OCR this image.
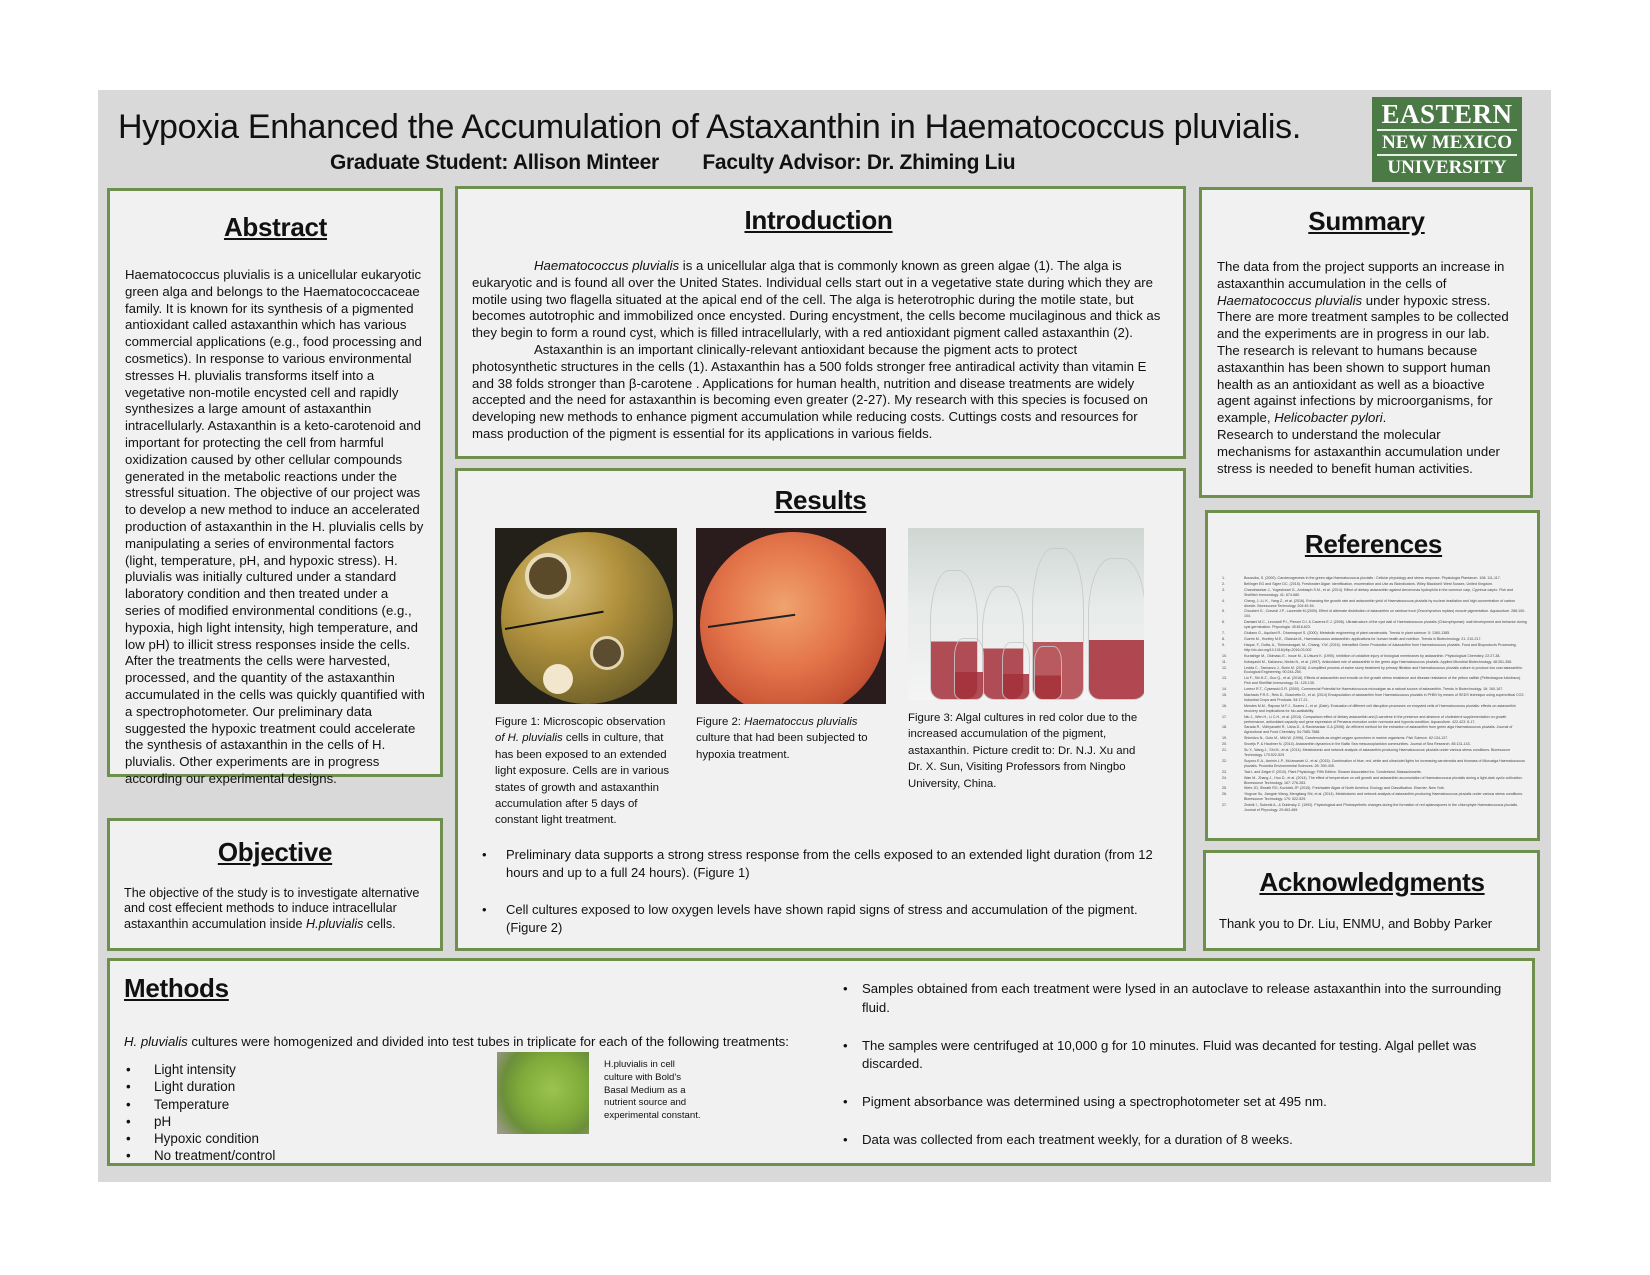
Hypoxia Enhanced the Accumulation of Astaxanthin in Haematococcus pluvialis.
Graduate Student: Allison Minteer Faculty Advisor: Dr. Zhiming Liu
EASTERN
NEW MEXICO
UNIVERSITY
Abstract
Haematococcus pluvialis is a unicellular eukaryotic green alga and belongs to the Haematococcaceae family. It is known for its synthesis of a pigmented antioxidant called astaxanthin which has various commercial applications (e.g., food processing and cosmetics). In response to various environmental stresses H. pluvialis transforms itself into a vegetative non-motile encysted cell and rapidly synthesizes a large amount of astaxanthin intracellularly. Astaxanthin is a keto-carotenoid and important for protecting the cell from harmful oxidization caused by other cellular compounds generated in the metabolic reactions under the stressful situation. The objective of our project was to develop a new method to induce an accelerated production of astaxanthin in the H. pluvialis cells by manipulating a series of environmental factors (light, temperature, pH, and hypoxic stress). H. pluvialis was initially cultured under a standard laboratory condition and then treated under a series of modified environmental conditions (e.g., hypoxia, high light intensity, high temperature, and low pH) to illicit stress responses inside the cells. After the treatments the cells were harvested, processed, and the quantity of the astaxanthin accumulated in the cells was quickly quantified with a spectrophotometer. Our preliminary data suggested the hypoxic treatment could accelerate the synthesis of astaxanthin in the cells of H. pluvialis. Other experiments are in progress according our experimental designs.
Objective
The objective of the study is to investigate alternative and cost effecient methods to induce intracellular astaxanthin accumulation inside H.pluvialis cells.
Introduction

Haematococcus pluvialis is a unicellular alga that is commonly known as green algae (1). The alga is eukaryotic and is found all over the United States. Individual cells start out in a vegetative state during which they are motile using two flagella situated at the apical end of the cell. The alga is heterotrophic during the motile state, but becomes autotrophic and immobilized once encysted. During encystment, the cells become mucilaginous and thick as they begin to form a round cyst, which is filled intracellularly, with a red antioxidant pigment called astaxanthin (2).

Astaxanthin is an important clinically-relevant antioxidant because the pigment acts to protect photosynthetic structures in the cells (1). Astaxanthin has a 500 folds stronger free antiradical activity than vitamin E and 38 folds stronger than β-carotene . Applications for human health, nutrition and disease treatments are widely accepted and the need for astaxanthin is becoming even greater (2-27). My research with this species is focused on developing new methods to enhance pigment accumulation while reducing costs. Cuttings costs and resources for mass production of the pigment is essential for its applications in various fields.

Results
Figure 1: Microscopic observation of H. pluvialis cells in culture, that has been exposed to an extended light exposure. Cells are in various states of growth and astaxanthin accumulation after 5 days of constant light treatment.
Figure 2: Haematoccus pluvialis culture that had been subjected to hypoxia treatment.
Figure 3: Algal cultures in red color due to the increased accumulation of the pigment, astaxanthin. Picture credit to: Dr. N.J. Xu and Dr. X. Sun, Visiting Professors from Ningbo University, China.
• Preliminary data supports a strong stress response from the cells exposed to an extended light duration (from 12 hours and up to a full 24 hours). (Figure 1)
• Cell cultures exposed to low oxygen levels have shown rapid signs of stress and accumulation of the pigment. (Figure 2)
Summary
The data from the project supports an increase in astaxanthin accumulation in the cells of Haematococcus pluvialis under hypoxic stress. There are more treatment samples to be collected and the experiments are in progress in our lab.
The research is relevant to humans because astaxanthin has been shown to support human health as an antioxidant as well as a bioactive agent against infections by microorganisms, for example, Helicobacter pylori.
Research to understand the molecular mechanisms for astaxanthin accumulation under stress is needed to benefit human activities.
References
1.	Boussiba, S. (2000). Carotenogenesis in the green alga Haematococcus pluvialis : Cellular physiology and stress response. Physiologia Plantarum. 108: 111-117.
2.	Bellinger EG and Sigee DC. (2015). Freshwater Algae: Identification, enumeration and Use as Bioindicators. Wiley Blackwell: West Sussex, United Kingdom.
3.	Chandrasekar J., Yogeshwari G., Ambasph S.M., et al. (2014). Effect of dietary astaxanthin against Aeromonas hydrophila in the common carp, Cyprinus carpio. Fish and Shellfish Immunology. 41: 674-680.
4.	Cheng, J.-Li, K., Yang Z., et al. (2016). Enhancing the growth rate and astaxanthin yield of Haematococcus pluvialis by nuclear irradiation and high concentration of carbon dioxide. Bioresource Technology. 204:49-54.
5.	Choubert G., Cravedi J.P., Laurentie M.(2009). Effect of alternate distribution of astaxanthin on rainbow trout (Oncorhynchus mykiss) muscle pigmentation. Aquaculture. 286:100-104.
6.	Damiani M.C., Leonardi P.I., Pieroni O.I. & Caceres E.J. (2006). Ultrastructure of the cyst wall of Haematococcus pluvialis (Chlorophyceae): wall development and behavior during cyst germination. Phycologia. 45:616-623.
7.	Giuliano G., Aquilani R., Dharmapuri S. (2000). Metabolic engineering of plant carotenoids. Trends in plant science. 5: 1360-1385.
8.	Guerin M., Huntley M.E., Olaizola M., Haematococcus astaxanthin: applications for human health and nutrition. Trends in Biotechnology. 21: 210-217.
9.	Haque, F., Dutta, A., Thimmanagari, M., Chiang, Y.W. (2016). Intensified Green Production of Astaxanthin from Haematococcus pluvialis. Food and Bioproducts Processing. http://dx.doi.org/10.1016/j.fbp.2016.03.002
10.	Kurashige M., Okimasu E., Inoue M., & Utsumi K. (1990). Inhibition of oxidative injury of biological membranes by astaxanthin. Physiological Chemistry. 22:27-38.
11.	Kobayashi M., Kakizono, Nishio N., et al. (1997). Antioxidant role of astaxanthin in the green alga Haematococcus pluvialis. Applied Microbial Biotechnology. 48:351-356.
12.	Ledda C., Tamiazzo J., Borin M. (2016). A simplified process of swine slurry treatment by primary filtration and Haematococcus pluvialis culture to produce low cost astaxanthin. Ecological Engineering. 90:244-250.
13.	Liu F., Shi H.Z., Guo Q., et al. (2016). Effects of astaxanthin and emodin on the growth stress resistance and disease resistance of the yellow catfish (Pelteobagrus fulvidraco). Fish and Shellfish Immunology. 51: 125-135.
14.	Lorenz R.T., Cysewski G.R. (2000). Commercial Potential for Haematococcus microalgae as a natural source of astaxanthin. Trends in Biotechnology. 18: 160-167.
15.	Machado F.R.S., Reis D., Boschetto D., et al. (2014) Encapsulation of astaxanthin from Haematococcus pluvialis in PHBV by means of SEDS technique using supercritical CO2. Industrial Crops and Products. 54:17-21.
16.	Mendes M.M., Raposo M.F.J., Soares J., et al. (Date). Evaluation of different cell disruption processes on encysted cells of Haematococcus pluvialis: effects on astaxanthin recovery and implications for bio-availability.
17.	Niu J., Wen H., Li C.H., et al. (2014). Comparison effect of dietary astaxanthin and β-carotene in the presence and absence of cholesterol supplementation on growth performance, antioxidant capacity and gene expression of Penaeus monodon under normoxia and hypoxia condition. Aquaculture. 422-423: 8-17.
18.	Sarada R., Vidhyavathi R., Usha D., & Ravishankar G.A.(2006). An efficient method for the extraction of astaxanthin from green alga Haematococcus pluvialis. Journal of Agricultural and Food Chemistry. 54:7585-7588.
19.	Shimidzu N., Goto M., Miki W. (1996). Carotenoids as singlet oxygen quenchers in marine organisms. Fish Science. 62:134-137.
20.	Snoeijs P. & Haubner N. (2014). Astaxanthin dynamics in the Baltic Sea mesozooplankton communities. Journal of Sea Research. 85:131-143.
21.	Su Y., Wang J., Shi M., et al. (2014). Metabolomic and network analysis of astaxanthin-producing Haematococcus pluvialis under various stress conditions. Bioresource Technology. 170:522-529.
22.	Suyono E.A., Aminin L.P., Mu'awanah U., et al. (2015). Combination of blue, red, white and ultraviolet lights for increasing carotenoids and biomass of Microalga Haematococcus pluvialis. Procedia Environmental Sciences. 28: 399-405.
23.	Taiz L and Zeiger E (2010). Plant Physiology: Fifth Edition. Sinauer Associated Inc. Sunderland, Massachusetts.
24.	Wan M., Zhang J., Hou D., et al. (2014). The effect of temperature on cell growth and astaxanthin accumulation of Haematococcus pluvialis during a light-dark cyclic cultivation. Bioresource Technology. 167: 276-283.
25.	Wehr JD, Sheath RG, Kociolek JP. (2015). Freshwater Algae of North America: Ecology and Classification. Elsevier. New York.
26.	Yingxue Su, Jiangxin Wang, Mengliang Shi, et al. (2014). Metabolomic and network analysis of astaxanthin-producing Haematococcus pluvialis under various stress conditions. Bioresource Technology. 170: 522-529.
27.	Zlotnik I., Sukenik A., & Dubinsky Z. (1993). Physiological and Photosynthetic changes during the formation of red aplanospores in the chlorophyte Haematococcus pluvialis. Journal of Phycology. 29:463-469.
Acknowledgments
Thank you to Dr. Liu, ENMU, and Bobby Parker
Methods
H. pluvialis cultures were homogenized and divided into test tubes in triplicate for each of the following treatments:
• Light intensity
• Light duration
• Temperature
• pH
• Hypoxic condition
• No treatment/control
H.pluvialis in cell culture with Bold's Basal Medium as a nutrient source and experimental constant.
• Samples obtained from each treatment were lysed in an autoclave to release astaxanthin into the surrounding fluid.
• The samples were centrifuged at 10,000 g for 10 minutes. Fluid was decanted for testing. Algal pellet was discarded.
• Pigment absorbance was determined using a spectrophotometer set at 495 nm.
• Data was collected from each treatment weekly, for a duration of 8 weeks.
